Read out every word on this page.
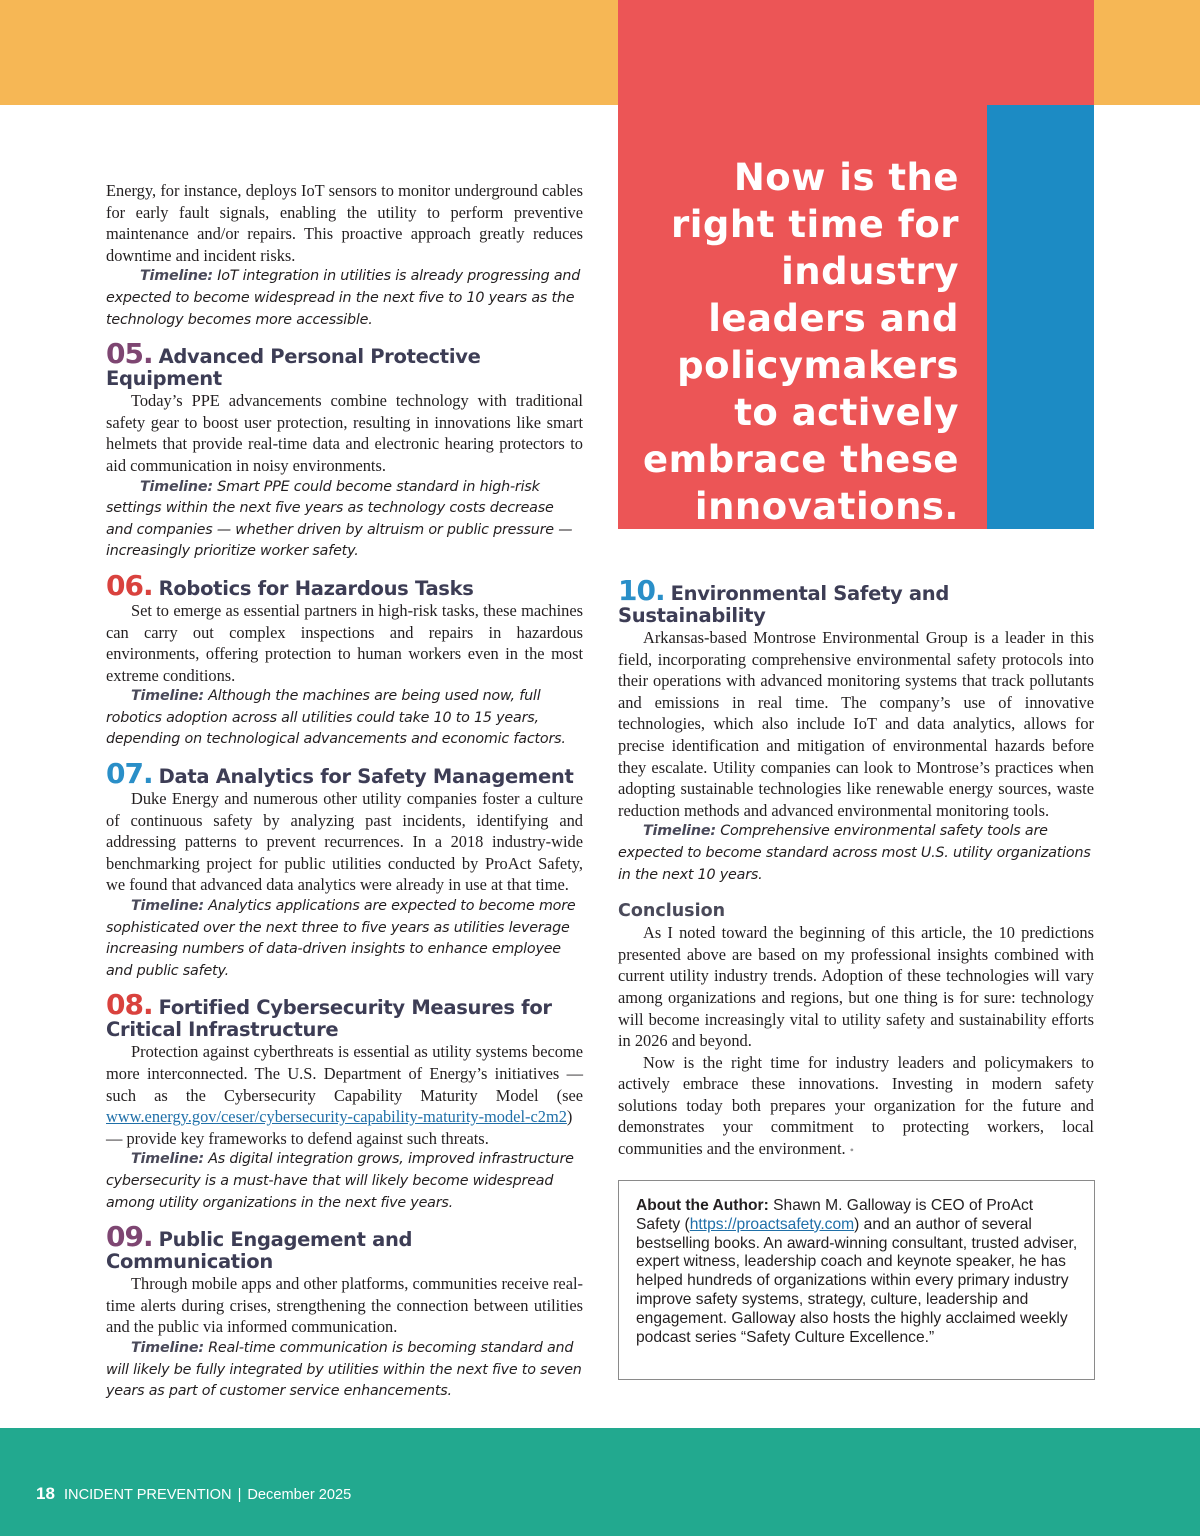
Now is the right time for industry leaders and policymakers to actively embrace these innovations.

Energy, for instance, deploys IoT sensors to monitor underground cables for early fault signals, enabling the utility to perform preventive maintenance and/or repairs. This proactive approach greatly reduces downtime and incident risks.

Timeline: IoT integration in utilities is already progressing and expected to become widespread in the next five to 10 years as the technology becomes more accessible.

05. Advanced Personal Protective Equipment

Today’s PPE advancements combine technology with traditional safety gear to boost user protection, resulting in innovations like smart helmets that provide real-time data and electronic hearing protectors to aid communication in noisy environments.

Timeline: Smart PPE could become standard in high-risk settings within the next five years as technology costs decrease and companies — whether driven by altruism or public pressure — increasingly prioritize worker safety.

06. Robotics for Hazardous Tasks

Set to emerge as essential partners in high-risk tasks, these machines can carry out complex inspections and repairs in hazardous environments, offering protection to human workers even in the most extreme conditions.

Timeline: Although the machines are being used now, full robotics adoption across all utilities could take 10 to 15 years, depending on technological advancements and economic factors.

07. Data Analytics for Safety Management

Duke Energy and numerous other utility companies foster a culture of continuous safety by analyzing past incidents, identifying and addressing patterns to prevent recurrences. In a 2018 industry-wide benchmarking project for public utilities conducted by ProAct Safety, we found that advanced data analytics were already in use at that time.

Timeline: Analytics applications are expected to become more sophisticated over the next three to five years as utilities leverage increasing numbers of data-driven insights to enhance employee and public safety.

08. Fortified Cybersecurity Measures for
Critical Infrastructure

Protection against cyberthreats is essential as utility systems become more interconnected. The U.S. Department of Energy’s initiatives — such as the Cybersecurity Capability Maturity Model (see www.energy.gov/ceser/cybersecurity-capability-maturity-model-c2m2) — provide key frameworks to defend against such threats.

Timeline: As digital integration grows, improved infrastructure cybersecurity is a must-have that will likely become widespread among utility organizations in the next five years.

09. Public Engagement and Communication

Through mobile apps and other platforms, communities receive real-time alerts during crises, strengthening the connection between utilities and the public via informed communication.

Timeline: Real-time communication is becoming standard and will likely be fully integrated by utilities within the next five to seven years as part of customer service enhancements.

10. Environmental Safety and Sustainability

Arkansas-based Montrose Environmental Group is a leader in this field, incorporating comprehensive environmental safety protocols into their operations with advanced monitoring systems that track pollutants and emissions in real time. The company’s use of innovative technologies, which also include IoT and data analytics, allows for precise identification and mitigation of environmental hazards before they escalate. Utility companies can look to Montrose’s practices when adopting sustainable technologies like renewable energy sources, waste reduction methods and advanced environmental monitoring tools.

Timeline: Comprehensive environmental safety tools are expected to become standard across most U.S. utility organizations in the next 10 years.

Conclusion

As I noted toward the beginning of this article, the 10 predictions presented above are based on my professional insights combined with current utility industry trends. Adoption of these technologies will vary among organizations and regions, but one thing is for sure: technology will become increasingly vital to utility safety and sustainability efforts in 2026 and beyond.

Now is the right time for industry leaders and policymakers to actively embrace these innovations. Investing in modern safety solutions today both prepares your organization for the future and demonstrates your commitment to protecting workers, local communities and the environment. •

About the Author: Shawn M. Galloway is CEO of ProAct Safety (https://proactsafety.com) and an author of several bestselling books. An award-winning consultant, trusted adviser, expert witness, leadership coach and keynote speaker, he has helped hundreds of organizations within every primary industry improve safety systems, strategy, culture, leadership and engagement. Galloway also hosts the highly acclaimed weekly podcast series “Safety Culture Excellence.”
18 INCIDENT PREVENTION | December 2025
